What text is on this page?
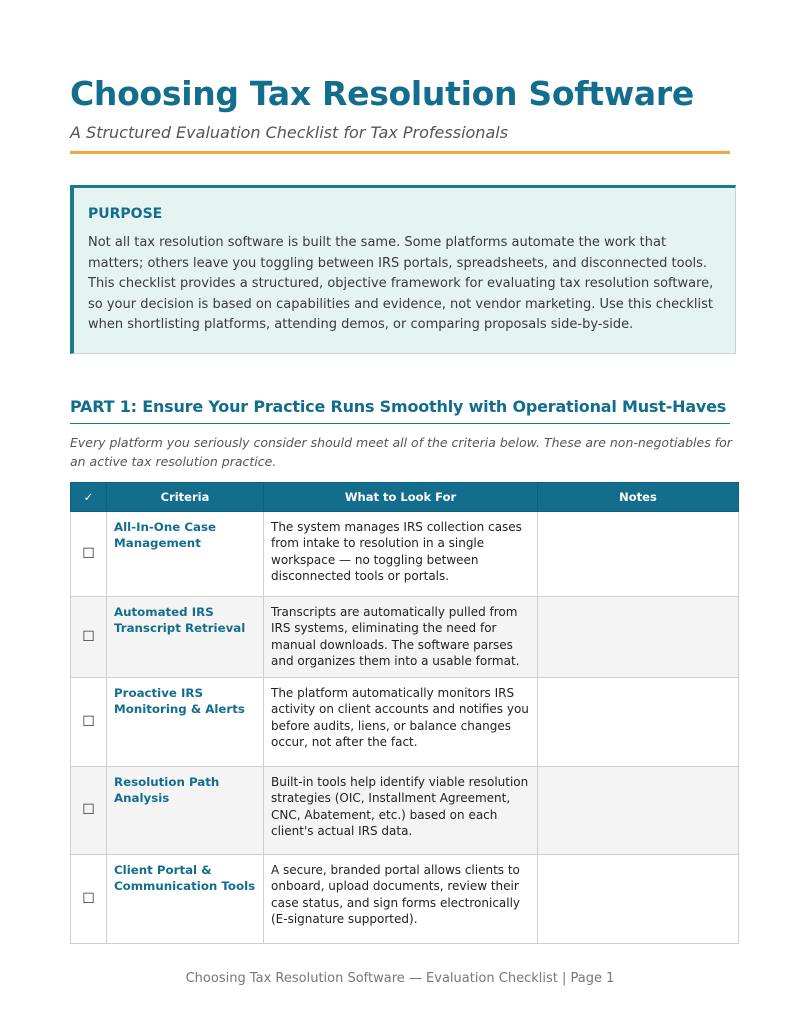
Choosing Tax Resolution Software
A Structured Evaluation Checklist for Tax Professionals
PURPOSE

Not all tax resolution software is built the same. Some platforms automate the work that matters; others leave you toggling between IRS portals, spreadsheets, and disconnected tools. This checklist provides a structured, objective framework for evaluating tax resolution software, so your decision is based on capabilities and evidence, not vendor marketing. Use this checklist when shortlisting platforms, attending demos, or comparing proposals side-by-side.

PART 1: Ensure Your Practice Runs Smoothly with Operational Must-Haves

Every platform you seriously consider should meet all of the criteria below. These are non-negotiables for an active tax resolution practice.

✓	Criteria	What to Look For	Notes
☐	All-In-One Case Management	The system manages IRS collection cases from intake to resolution in a single workspace — no toggling between disconnected tools or portals.	
☐	Automated IRS Transcript Retrieval	Transcripts are automatically pulled from IRS systems, eliminating the need for manual downloads. The software parses and organizes them into a usable format.	
☐	Proactive IRS Monitoring & Alerts	The platform automatically monitors IRS activity on client accounts and notifies you before audits, liens, or balance changes occur, not after the fact.	
☐	Resolution Path Analysis	Built-in tools help identify viable resolution strategies (OIC, Installment Agreement, CNC, Abatement, etc.) based on each client's actual IRS data.	
☐	Client Portal & Communication Tools	A secure, branded portal allows clients to onboard, upload documents, review their case status, and sign forms electronically (E-signature supported).	
Choosing Tax Resolution Software — Evaluation Checklist | Page 1
